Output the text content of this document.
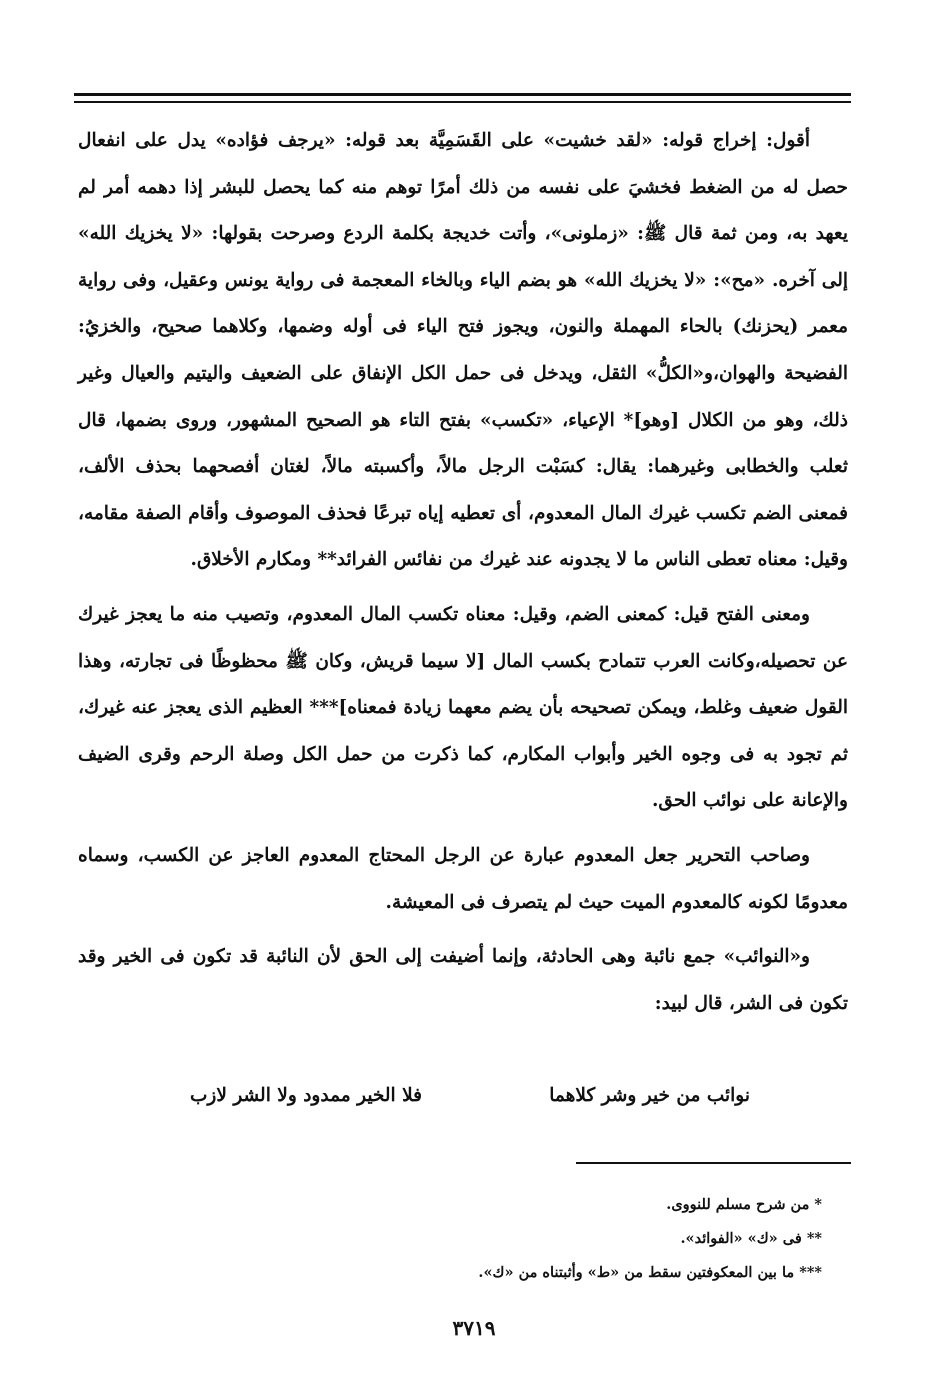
أقول: إخراج قوله: «لقد خشيت» على القَسَمِيَّة بعد قوله: «يرجف فؤاده» يدل على انفعال حصل له من الضغط فخشيَ على نفسه من ذلك أمرًا توهم منه كما يحصل للبشر إذا دهمه أمر لم يعهد به، ومن ثمة قال ﷺ: «زملونى»، وأتت خديجة بكلمة الردع وصرحت بقولها: «لا يخزيك الله» إلى آخره. «مح»: «لا يخزيك الله» هو بضم الياء وبالخاء المعجمة فى رواية يونس وعقيل، وفى رواية معمر (يحزنك) بالحاء المهملة والنون، ويجوز فتح الياء فى أوله وضمها، وكلاهما صحيح، والخزيُ: الفضيحة والهوان،و«الكلُّ» الثقل، ويدخل فى حمل الكل الإنفاق على الضعيف واليتيم والعيال وغير ذلك، وهو من الكلال [وهو]* الإعياء، «تكسب» بفتح التاء هو الصحيح المشهور، وروى بضمها، قال ثعلب والخطابى وغيرهما: يقال: كسَبْت الرجل مالاً، وأكسبته مالاً، لغتان أفصحهما بحذف الألف، فمعنى الضم تكسب غيرك المال المعدوم، أى تعطيه إياه تبرعًا فحذف الموصوف وأقام الصفة مقامه، وقيل: معناه تعطى الناس ما لا يجدونه عند غيرك من نفائس الفرائد** ومكارم الأخلاق.

ومعنى الفتح قيل: كمعنى الضم، وقيل: معناه تكسب المال المعدوم، وتصيب منه ما يعجز غيرك عن تحصيله،وكانت العرب تتمادح بكسب المال [لا سيما قريش، وكان ﷺ محظوظًا فى تجارته، وهذا القول ضعيف وغلط، ويمكن تصحيحه بأن يضم معهما زيادة فمعناه]*** العظيم الذى يعجز عنه غيرك، ثم تجود به فى وجوه الخير وأبواب المكارم، كما ذكرت من حمل الكل وصلة الرحم وقرى الضيف والإعانة على نوائب الحق.

وصاحب التحرير جعل المعدوم عبارة عن الرجل المحتاج المعدوم العاجز عن الكسب، وسماه معدومًا لكونه كالمعدوم الميت حيث لم يتصرف فى المعيشة.

و«النوائب» جمع نائبة وهى الحادثة، وإنما أضيفت إلى الحق لأن النائبة قد تكون فى الخير وقد تكون فى الشر، قال لبيد:

نوائب من خير وشر كلاهما
فلا الخير ممدود ولا الشر لازب
* من شرح مسلم للنووى.
** فى «ك» «الفوائد».
*** ما بين المعكوفتين سقط من «ط» وأثبتناه من «ك».
٣٧١٩
